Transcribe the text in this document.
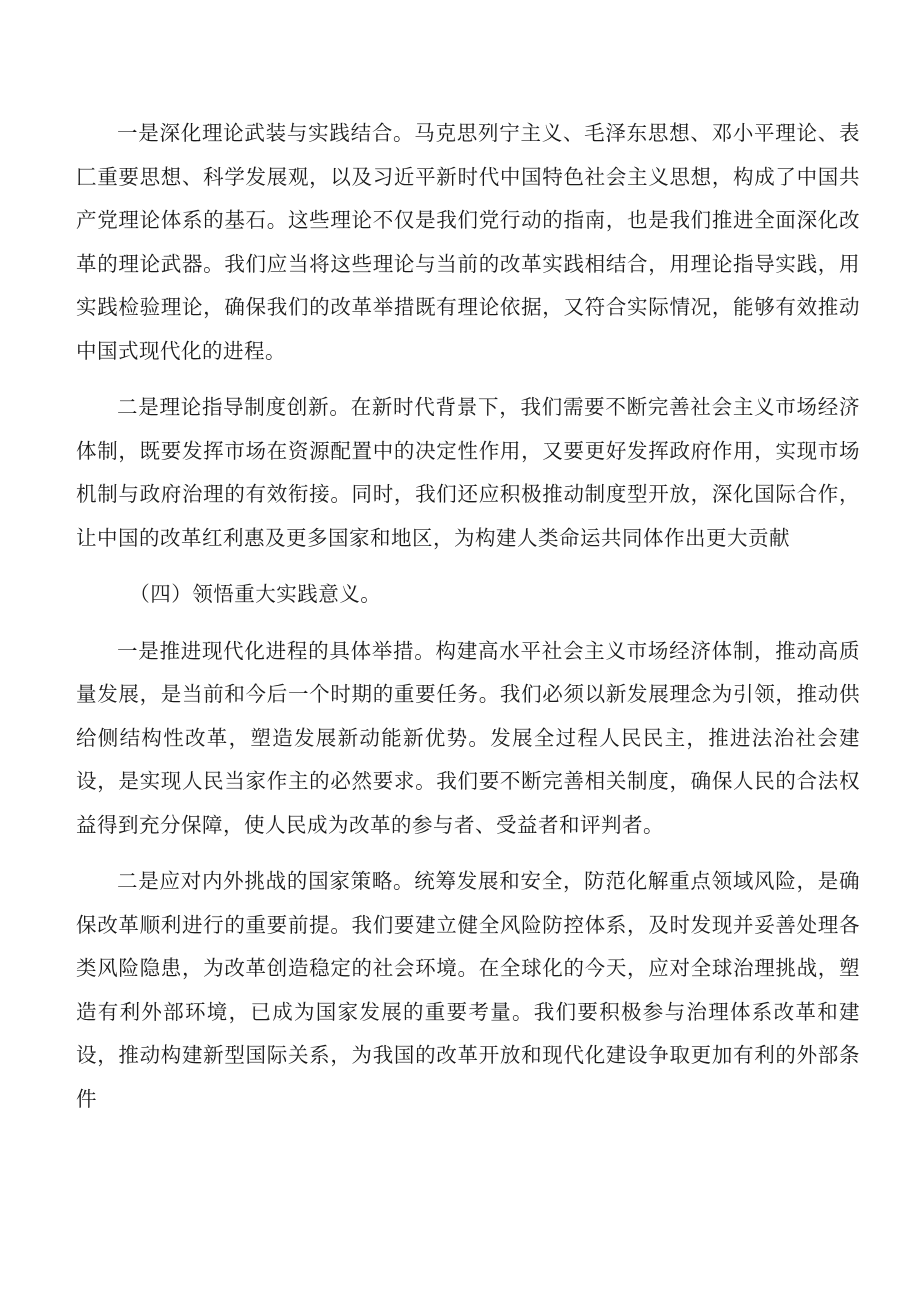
一是深化理论武装与实践结合。马克思列宁主义、毛泽东思想、邓小平理论、表匚重要思想、科学发展观，以及习近平新时代中国特色社会主义思想，构成了中国共产党理论体系的基石。这些理论不仅是我们党行动的指南，也是我们推进全面深化改革的理论武器。我们应当将这些理论与当前的改革实践相结合，用理论指导实践，用实践检验理论，确保我们的改革举措既有理论依据，又符合实际情况，能够有效推动中国式现代化的进程。

二是理论指导制度创新。在新时代背景下，我们需要不断完善社会主义市场经济体制，既要发挥市场在资源配置中的决定性作用，又要更好发挥政府作用，实现市场机制与政府治理的有效衔接。同时，我们还应积极推动制度型开放，深化国际合作，让中国的改革红利惠及更多国家和地区，为构建人类命运共同体作出更大贡献

（四）领悟重大实践意义。

一是推进现代化进程的具体举措。构建高水平社会主义市场经济体制，推动高质量发展，是当前和今后一个时期的重要任务。我们必须以新发展理念为引领，推动供给侧结构性改革，塑造发展新动能新优势。发展全过程人民民主，推进法治社会建设，是实现人民当家作主的必然要求。我们要不断完善相关制度，确保人民的合法权益得到充分保障，使人民成为改革的参与者、受益者和评判者。

二是应对内外挑战的国家策略。统筹发展和安全，防范化解重点领域风险，是确保改革顺利进行的重要前提。我们要建立健全风险防控体系，及时发现并妥善处理各类风险隐患，为改革创造稳定的社会环境。在全球化的今天，应对全球治理挑战，塑造有利外部环境，已成为国家发展的重要考量。我们要积极参与治理体系改革和建设，推动构建新型国际关系，为我国的改革开放和现代化建设争取更加有利的外部条件
